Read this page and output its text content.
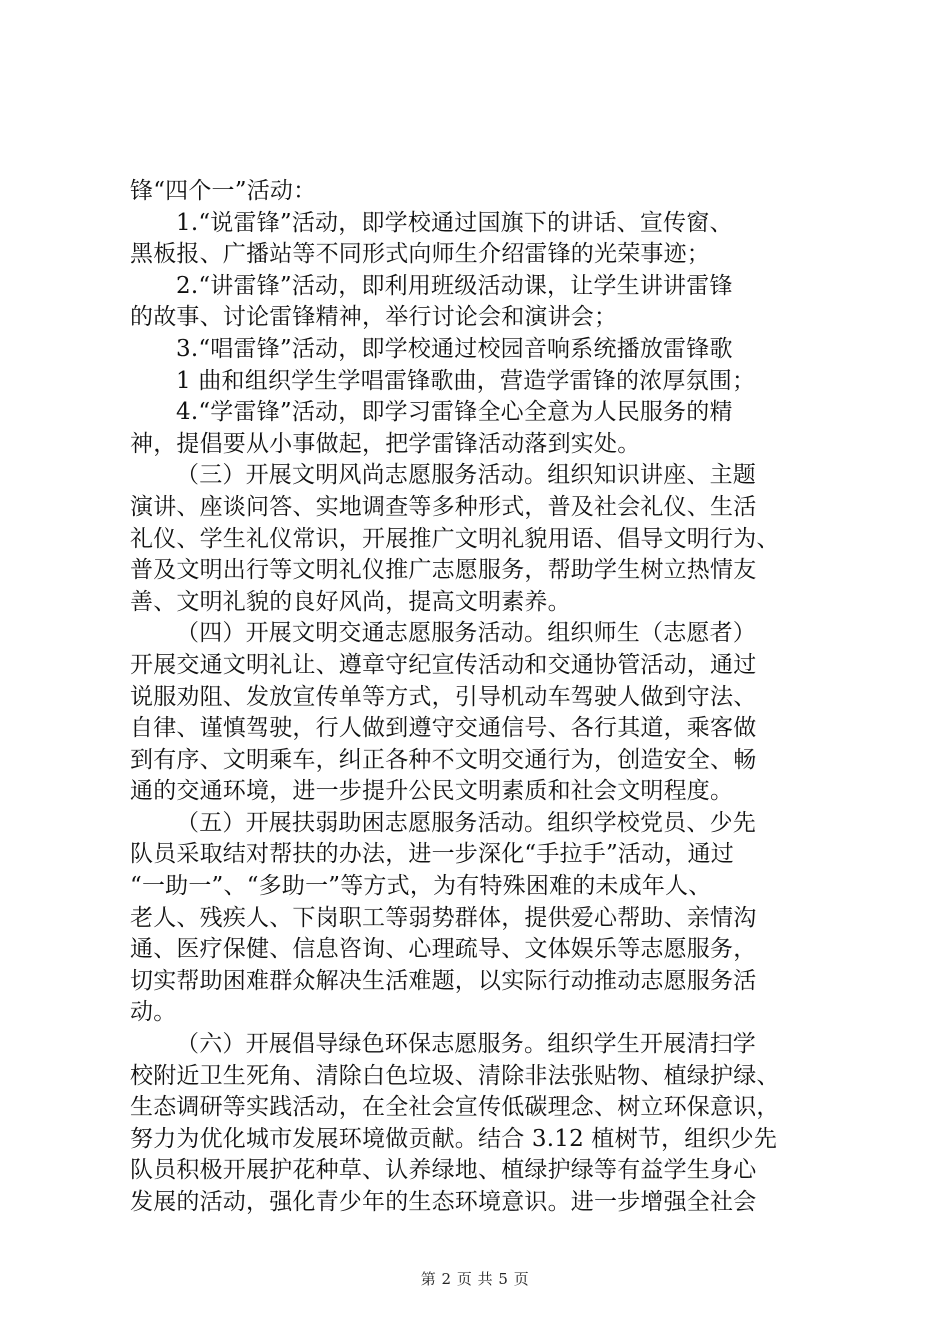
锋“四个一”活动：
1.“说雷锋”活动，即学校通过国旗下的讲话、宣传窗、
黑板报、广播站等不同形式向师生介绍雷锋的光荣事迹；
2.“讲雷锋”活动，即利用班级活动课，让学生讲讲雷锋
的故事、讨论雷锋精神，举行讨论会和演讲会；
3.“唱雷锋”活动，即学校通过校园音响系统播放雷锋歌
1 曲和组织学生学唱雷锋歌曲，营造学雷锋的浓厚氛围；
4.“学雷锋”活动，即学习雷锋全心全意为人民服务的精
神，提倡要从小事做起，把学雷锋活动落到实处。
（三）开展文明风尚志愿服务活动。组织知识讲座、主题
演讲、座谈问答、实地调查等多种形式，普及社会礼仪、生活
礼仪、学生礼仪常识，开展推广文明礼貌用语、倡导文明行为、
普及文明出行等文明礼仪推广志愿服务，帮助学生树立热情友
善、文明礼貌的良好风尚，提高文明素养。
（四）开展文明交通志愿服务活动。组织师生（志愿者）
开展交通文明礼让、遵章守纪宣传活动和交通协管活动，通过
说服劝阻、发放宣传单等方式，引导机动车驾驶人做到守法、
自律、谨慎驾驶，行人做到遵守交通信号、各行其道，乘客做
到有序、文明乘车，纠正各种不文明交通行为，创造安全、畅
通的交通环境，进一步提升公民文明素质和社会文明程度。
（五）开展扶弱助困志愿服务活动。组织学校党员、少先
队员采取结对帮扶的办法，进一步深化“手拉手”活动，通过
“一助一”、“多助一”等方式，为有特殊困难的未成年人、
老人、残疾人、下岗职工等弱势群体，提供爱心帮助、亲情沟
通、医疗保健、信息咨询、心理疏导、文体娱乐等志愿服务，
切实帮助困难群众解决生活难题，以实际行动推动志愿服务活
动。
（六）开展倡导绿色环保志愿服务。组织学生开展清扫学
校附近卫生死角、清除白色垃圾、清除非法张贴物、植绿护绿、
生态调研等实践活动，在全社会宣传低碳理念、树立环保意识，
努力为优化城市发展环境做贡献。结合 3.12 植树节，组织少先
队员积极开展护花种草、认养绿地、植绿护绿等有益学生身心
发展的活动，强化青少年的生态环境意识。进一步增强全社会
第 2 页 共 5 页
